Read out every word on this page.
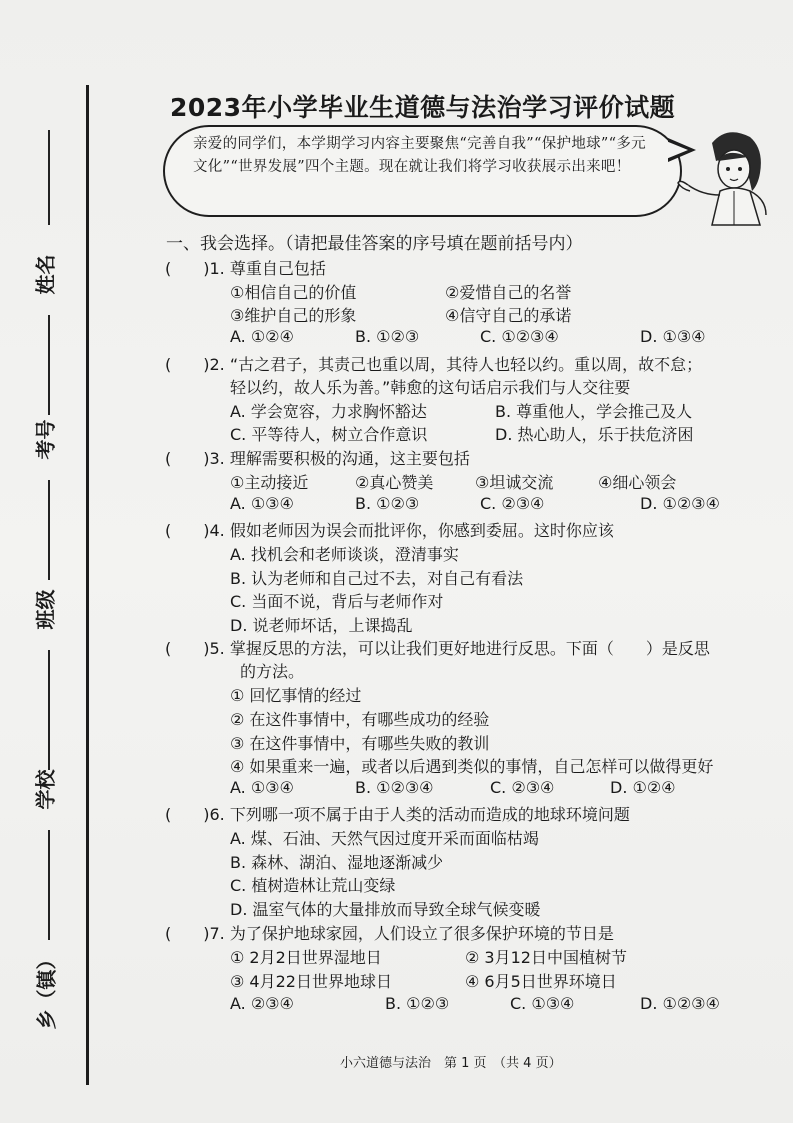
姓名
考号
班级
学校
乡（镇）
2023年小学毕业生道德与法治学习评价试题
亲爱的同学们，本学期学习内容主要聚焦“完善自我”“保护地球”“多元文化”“世界发展”四个主题。现在就让我们将学习收获展示出来吧！
一、我会选择。（请把最佳答案的序号填在题前括号内）
(　　)1. 尊重自己包括
①相信自己的价值	②爱惜自己的名誉
③维护自己的形象	④信守自己的承诺
A. ①②④	B. ①②③	C. ①②③④	D. ①③④
(　　)2. “古之君子，其责己也重以周，其待人也轻以约。重以周，故不怠；
轻以约，故人乐为善。”韩愈的这句话启示我们与人交往要
A. 学会宽容，力求胸怀豁达	B. 尊重他人，学会推己及人
C. 平等待人，树立合作意识	D. 热心助人，乐于扶危济困
(　　)3. 理解需要积极的沟通，这主要包括
①主动接近	②真心赞美	③坦诚交流	④细心领会
A. ①③④	B. ①②③	C. ②③④	D. ①②③④
(　　)4. 假如老师因为误会而批评你，你感到委屈。这时你应该
A. 找机会和老师谈谈，澄清事实
B. 认为老师和自己过不去，对自己有看法
C. 当面不说，背后与老师作对
D. 说老师坏话，上课捣乱
(　　)5. 掌握反思的方法，可以让我们更好地进行反思。下面（　　）是反思
的方法。
① 回忆事情的经过
② 在这件事情中，有哪些成功的经验
③ 在这件事情中，有哪些失败的教训
④ 如果重来一遍，或者以后遇到类似的事情，自己怎样可以做得更好
A. ①③④	B. ①②③④	C. ②③④	D. ①②④
(　　)6. 下列哪一项不属于由于人类的活动而造成的地球环境问题
A. 煤、石油、天然气因过度开采而面临枯竭
B. 森林、湖泊、湿地逐渐减少
C. 植树造林让荒山变绿
D. 温室气体的大量排放而导致全球气候变暖
(　　)7. 为了保护地球家园，人们设立了很多保护环境的节日是
① 2月2日世界湿地日	② 3月12日中国植树节
③ 4月22日世界地球日	④ 6月5日世界环境日
A. ②③④	B. ①②③	C. ①③④	D. ①②③④
小六道德与法治　第 1 页　（共 4 页）
